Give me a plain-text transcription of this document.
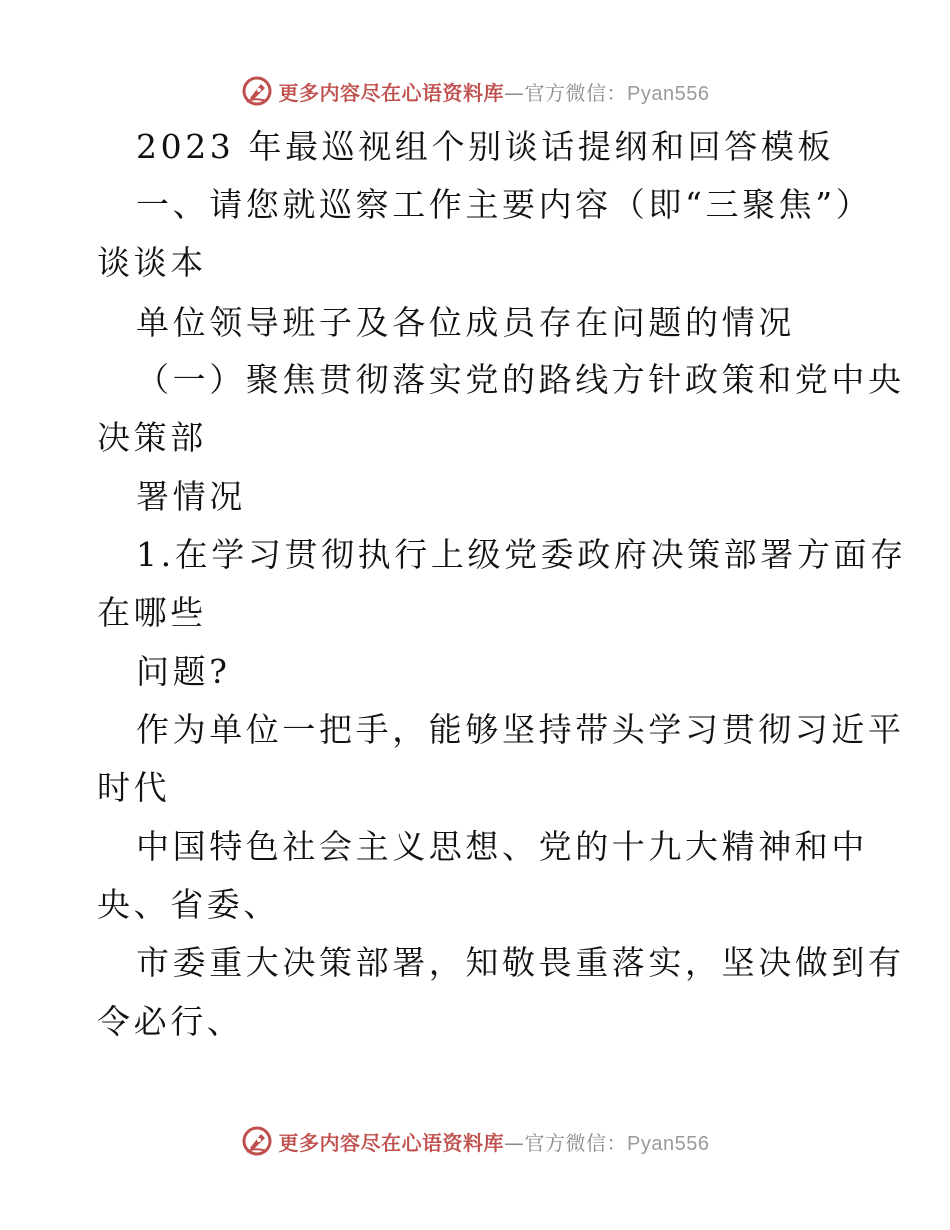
更多内容尽在心语资料库—官方微信：Pyan556
2023 年最巡视组个别谈话提纲和回答模板
一、请您就巡察工作主要内容（即“三聚焦”）
谈谈本
单位领导班子及各位成员存在问题的情况
（一）聚焦贯彻落实党的路线方针政策和党中央
决策部
署情况
1.在学习贯彻执行上级党委政府决策部署方面存
在哪些
问题?
作为单位一把手，能够坚持带头学习贯彻习近平
时代
中国特色社会主义思想、党的十九大精神和中
央、省委、
市委重大决策部署，知敬畏重落实，坚决做到有
令必行、
更多内容尽在心语资料库—官方微信：Pyan556
